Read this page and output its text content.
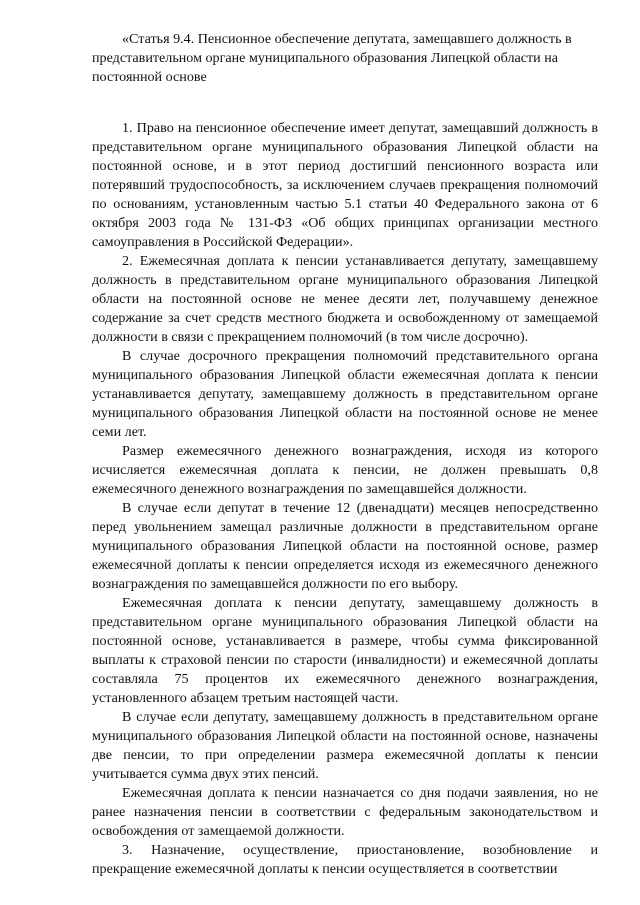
«Статья 9.4. Пенсионное обеспечение депутата, замещавшего должность в представительном органе муниципального образования Липецкой области на постоянной основе

1. Право на пенсионное обеспечение имеет депутат, замещавший должность в представительном органе муниципального образования Липецкой области на постоянной основе, и в этот период достигший пенсионного возраста или потерявший трудоспособность, за исключением случаев прекращения полномочий по основаниям, установленным частью 5.1 статьи 40 Федерального закона от 6 октября 2003 года № 131-ФЗ «Об общих принципах организации местного самоуправления в Российской Федерации».

2. Ежемесячная доплата к пенсии устанавливается депутату, замещавшему должность в представительном органе муниципального образования Липецкой области на постоянной основе не менее десяти лет, получавшему денежное содержание за счет средств местного бюджета и освобожденному от замещаемой должности в связи с прекращением полномочий (в том числе досрочно).

В случае досрочного прекращения полномочий представительного органа муниципального образования Липецкой области ежемесячная доплата к пенсии устанавливается депутату, замещавшему должность в представительном органе муниципального образования Липецкой области на постоянной основе не менее семи лет.

Размер ежемесячного денежного вознаграждения, исходя из которого исчисляется ежемесячная доплата к пенсии, не должен превышать 0,8 ежемесячного денежного вознаграждения по замещавшейся должности.

В случае если депутат в течение 12 (двенадцати) месяцев непосредственно перед увольнением замещал различные должности в представительном органе муниципального образования Липецкой области на постоянной основе, размер ежемесячной доплаты к пенсии определяется исходя из ежемесячного денежного вознаграждения по замещавшейся должности по его выбору.

Ежемесячная доплата к пенсии депутату, замещавшему должность в представительном органе муниципального образования Липецкой области на постоянной основе, устанавливается в размере, чтобы сумма фиксированной выплаты к страховой пенсии по старости (инвалидности) и ежемесячной доплаты составляла 75 процентов их ежемесячного денежного вознаграждения, установленного абзацем третьим настоящей части.

В случае если депутату, замещавшему должность в представительном органе муниципального образования Липецкой области на постоянной основе, назначены две пенсии, то при определении размера ежемесячной доплаты к пенсии учитывается сумма двух этих пенсий.

Ежемесячная доплата к пенсии назначается со дня подачи заявления, но не ранее назначения пенсии в соответствии с федеральным законодательством и освобождения от замещаемой должности.

3. Назначение, осуществление, приостановление, возобновление и прекращение ежемесячной доплаты к пенсии осуществляется в соответствии
